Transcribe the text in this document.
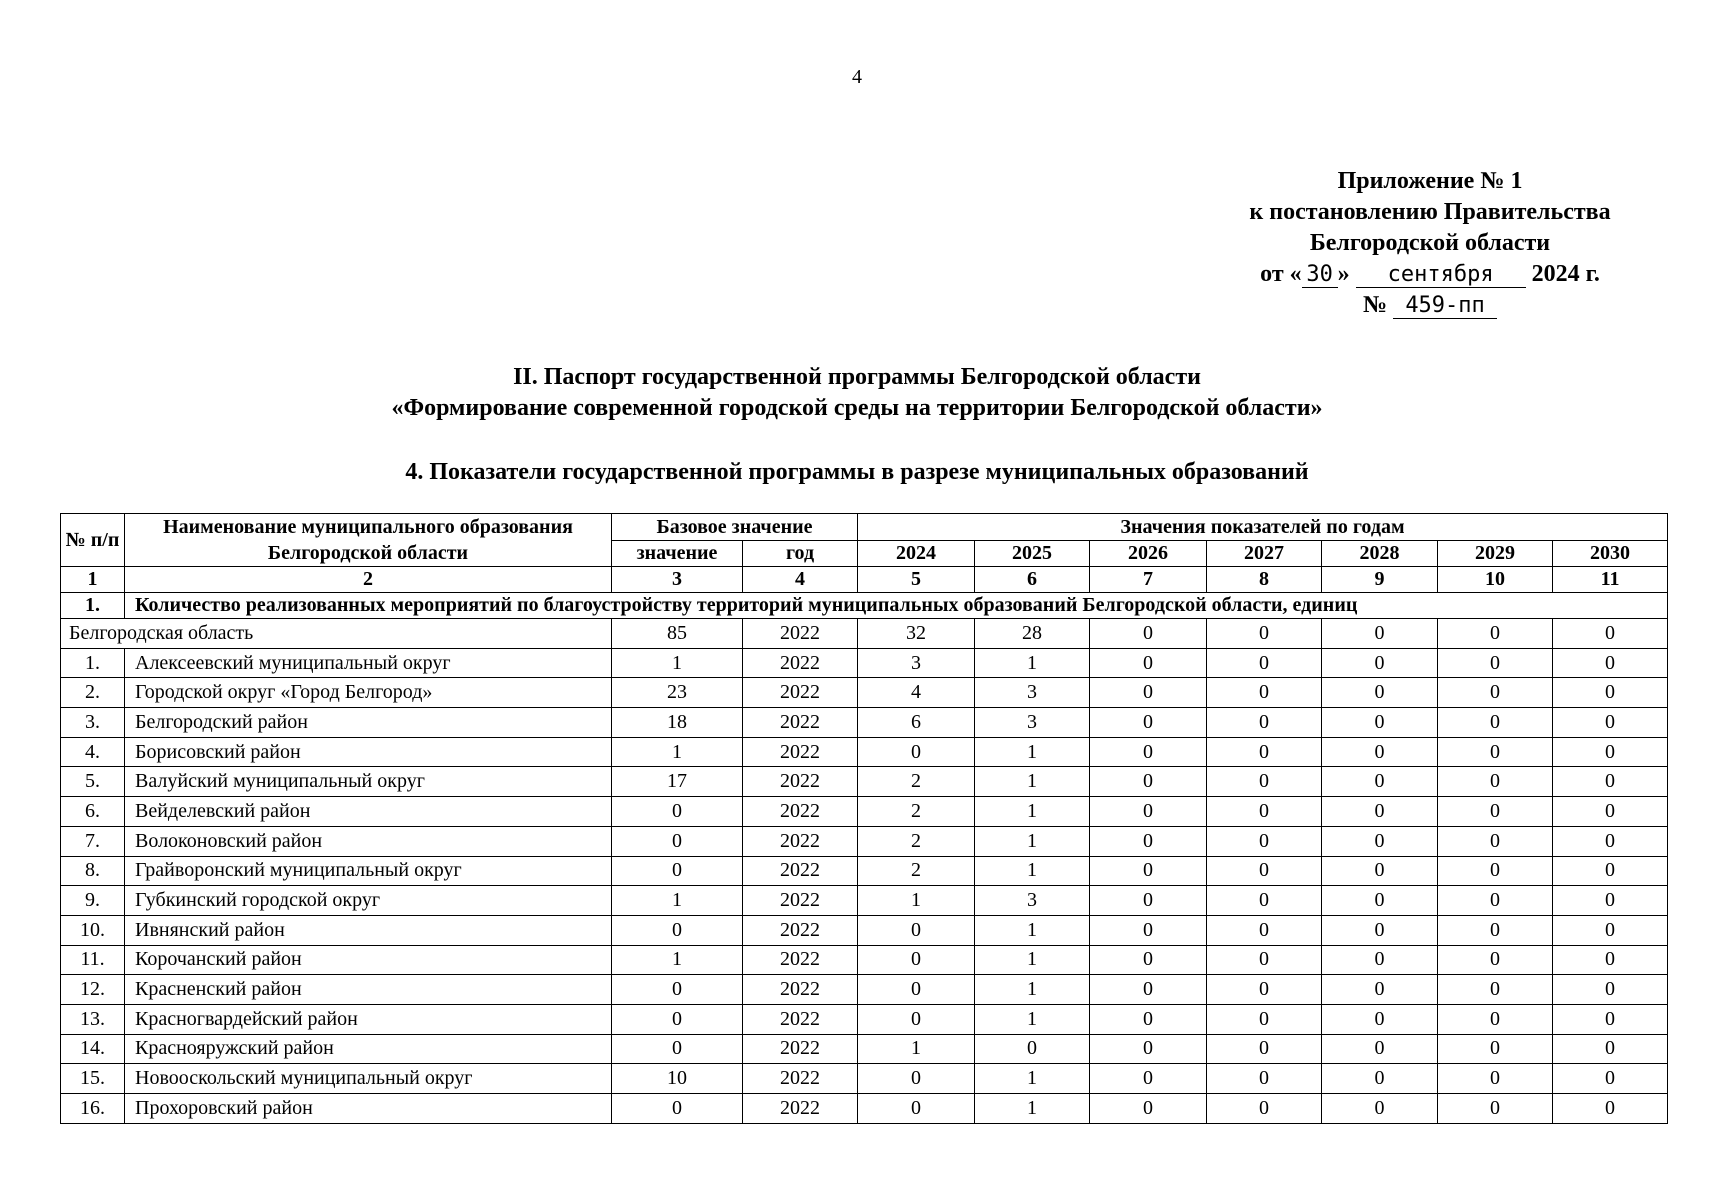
4
Приложение № 1
к постановлению Правительства
Белгородской области
от « 30 » сентября 2024 г.
№ 459-пп
II. Паспорт государственной программы Белгородской области
«Формирование современной городской среды на территории Белгородской области»
4. Показатели государственной программы в разрезе муниципальных образований
№ п/п	Наименование муниципального образования Белгородской области	Базовое значение		Значения показателей по годам						
		значение	год	2024	2025	2026	2027	2028	2029	2030
1	2	3	4	5	6	7	8	9	10	11
1.	Количество реализованных мероприятий по благоустройству территорий муниципальных образований Белгородской области, единиц									
Белгородская область		85	2022	32	28	0	0	0	0	0
1.	Алексеевский муниципальный округ	1	2022	3	1	0	0	0	0	0
2.	Городской округ «Город Белгород»	23	2022	4	3	0	0	0	0	0
3.	Белгородский район	18	2022	6	3	0	0	0	0	0
4.	Борисовский район	1	2022	0	1	0	0	0	0	0
5.	Валуйский муниципальный округ	17	2022	2	1	0	0	0	0	0
6.	Вейделевский район	0	2022	2	1	0	0	0	0	0
7.	Волоконовский район	0	2022	2	1	0	0	0	0	0
8.	Грайворонский муниципальный округ	0	2022	2	1	0	0	0	0	0
9.	Губкинский городской округ	1	2022	1	3	0	0	0	0	0
10.	Ивнянский район	0	2022	0	1	0	0	0	0	0
11.	Корочанский район	1	2022	0	1	0	0	0	0	0
12.	Красненский район	0	2022	0	1	0	0	0	0	0
13.	Красногвардейский район	0	2022	0	1	0	0	0	0	0
14.	Краснояружский район	0	2022	1	0	0	0	0	0	0
15.	Новооскольский муниципальный округ	10	2022	0	1	0	0	0	0	0
16.	Прохоровский район	0	2022	0	1	0	0	0	0	0
